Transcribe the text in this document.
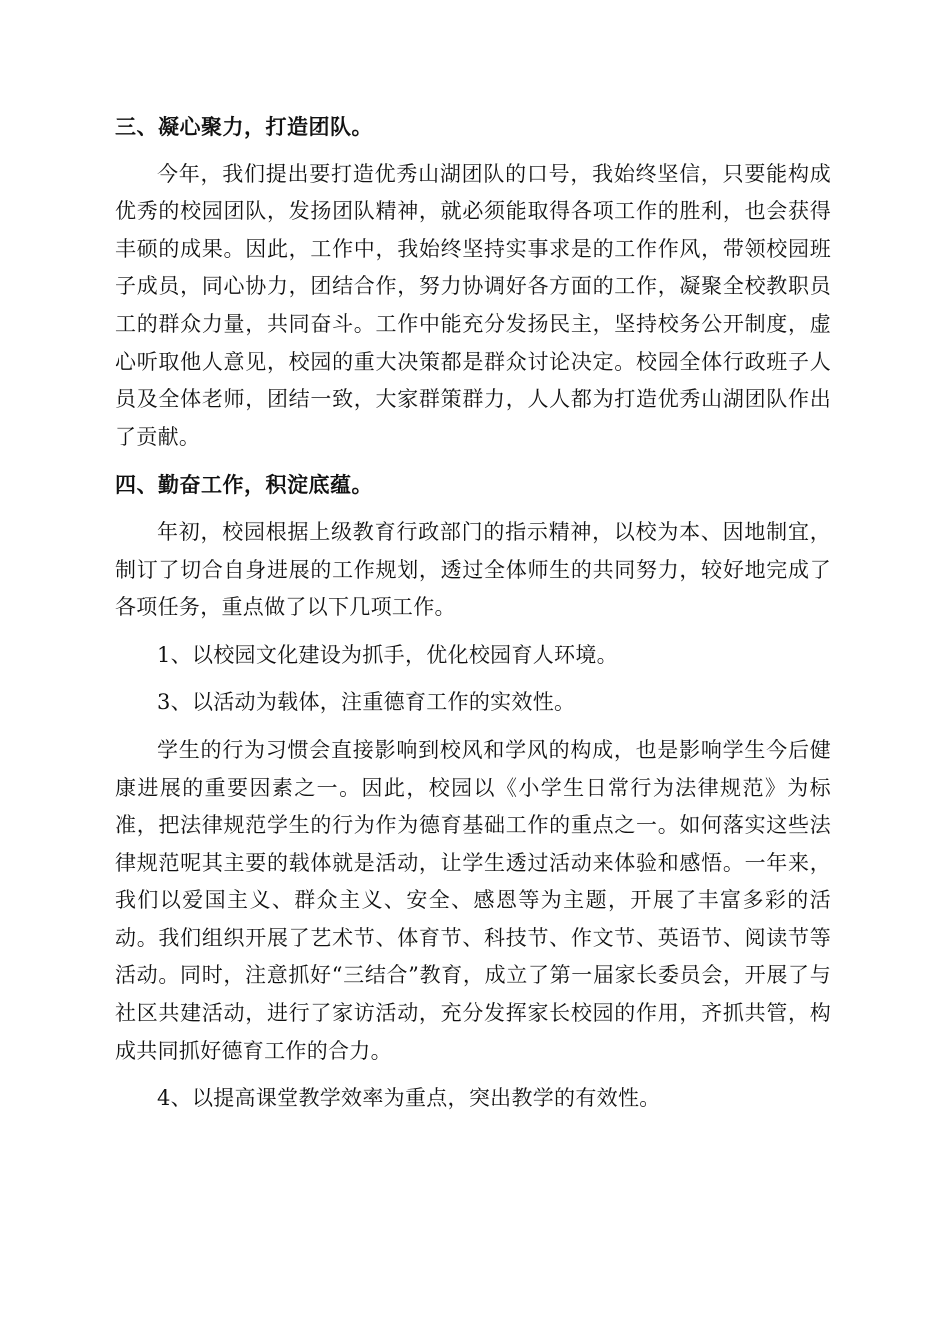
三、凝心聚力，打造团队。

今年，我们提出要打造优秀山湖团队的口号，我始终坚信，只要能构成优秀的校园团队，发扬团队精神，就必须能取得各项工作的胜利，也会获得丰硕的成果。因此，工作中，我始终坚持实事求是的工作作风，带领校园班子成员，同心协力，团结合作，努力协调好各方面的工作，凝聚全校教职员工的群众力量，共同奋斗。工作中能充分发扬民主，坚持校务公开制度，虚心听取他人意见，校园的重大决策都是群众讨论决定。校园全体行政班子人员及全体老师，团结一致，大家群策群力，人人都为打造优秀山湖团队作出了贡献。

四、勤奋工作，积淀底蕴。

年初，校园根据上级教育行政部门的指示精神，以校为本、因地制宜，制订了切合自身进展的工作规划，透过全体师生的共同努力，较好地完成了各项任务，重点做了以下几项工作。

1、以校园文化建设为抓手，优化校园育人环境。

3、以活动为载体，注重德育工作的实效性。

学生的行为习惯会直接影响到校风和学风的构成，也是影响学生今后健康进展的重要因素之一。因此，校园以《小学生日常行为法律规范》为标准，把法律规范学生的行为作为德育基础工作的重点之一。如何落实这些法律规范呢其主要的载体就是活动，让学生透过活动来体验和感悟。一年来，我们以爱国主义、群众主义、安全、感恩等为主题，开展了丰富多彩的活动。我们组织开展了艺术节、体育节、科技节、作文节、英语节、阅读节等活动。同时，注意抓好“三结合”教育，成立了第一届家长委员会，开展了与社区共建活动，进行了家访活动，充分发挥家长校园的作用，齐抓共管，构成共同抓好德育工作的合力。

4、以提高课堂教学效率为重点，突出教学的有效性。
